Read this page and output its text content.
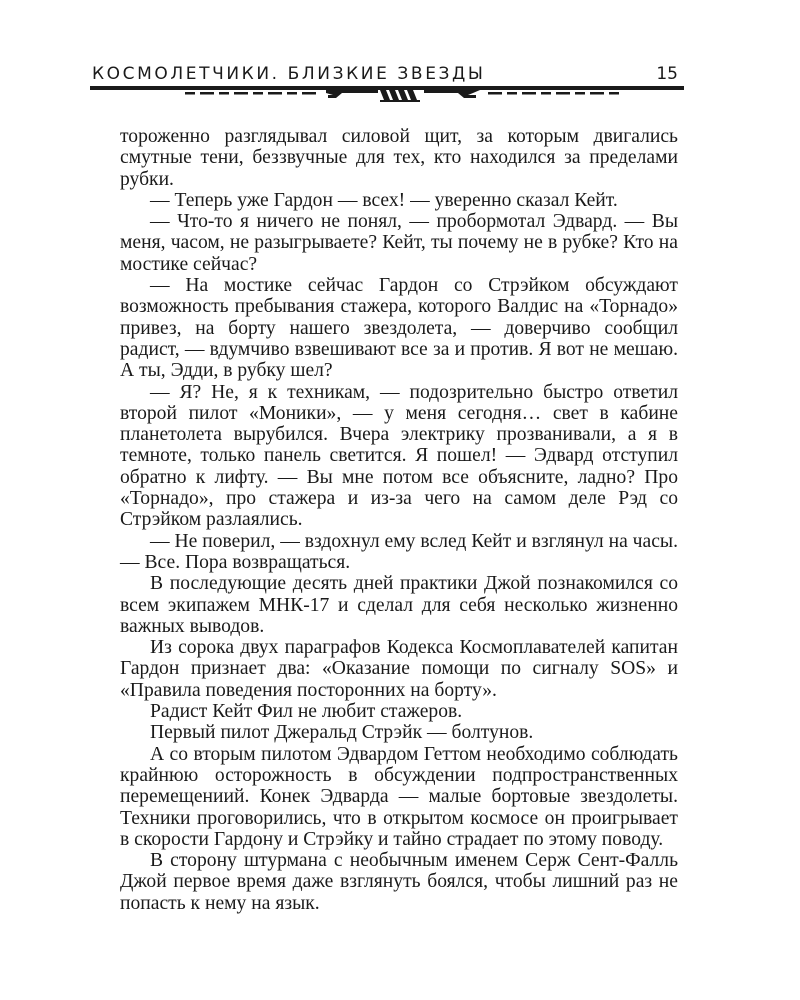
КОСМОЛЕТЧИКИ. БЛИЗКИЕ ЗВЕЗДЫ	15

тороженно разглядывал силовой щит, за которым двигались смутные тени, беззвучные для тех, кто находился за пределами рубки.

— Теперь уже Гардон — всех! — уверенно сказал Кейт.

— Что-то я ничего не понял, — пробормотал Эдвард. — Вы меня, часом, не разыгрываете? Кейт, ты почему не в рубке? Кто на мостике сейчас?

— На мостике сейчас Гардон со Стрэйком обсуждают возможность пребывания стажера, которого Валдис на «Торнадо» привез, на борту нашего звездолета, — доверчиво сообщил радист, — вдумчиво взвешивают все за и против. Я вот не мешаю. А ты, Эдди, в рубку шел?

— Я? Не, я к техникам, — подозрительно быстро ответил второй пилот «Моники», — у меня сегодня… свет в кабине планетолета вырубился. Вчера электрику прозванивали, а я в темноте, только панель светится. Я пошел! — Эдвард отступил обратно к лифту. — Вы мне потом все объясните, ладно? Про «Торнадо», про стажера и из-за чего на самом деле Рэд со Стрэйком разлаялись.

— Не поверил, — вздохнул ему вслед Кейт и взглянул на часы. — Все. Пора возвращаться.

В последующие десять дней практики Джой познакомился со всем экипажем МНК-17 и сделал для себя несколько жизненно важных выводов.

Из сорока двух параграфов Кодекса Космоплавателей капитан Гардон признает два: «Оказание помощи по сигналу SOS» и «Правила поведения посторонних на борту».

Радист Кейт Фил не любит стажеров.

Первый пилот Джеральд Стрэйк — болтунов.

А со вторым пилотом Эдвардом Геттом необходимо соблюдать крайнюю осторожность в обсуждении подпространственных перемещениий. Конек Эдварда — малые бортовые звездолеты. Техники проговорились, что в открытом космосе он проигрывает в скорости Гардону и Стрэйку и тайно страдает по этому поводу.

В сторону штурмана с необычным именем Серж Сент-Фалль Джой первое время даже взглянуть боялся, чтобы лишний раз не попасть к нему на язык.
